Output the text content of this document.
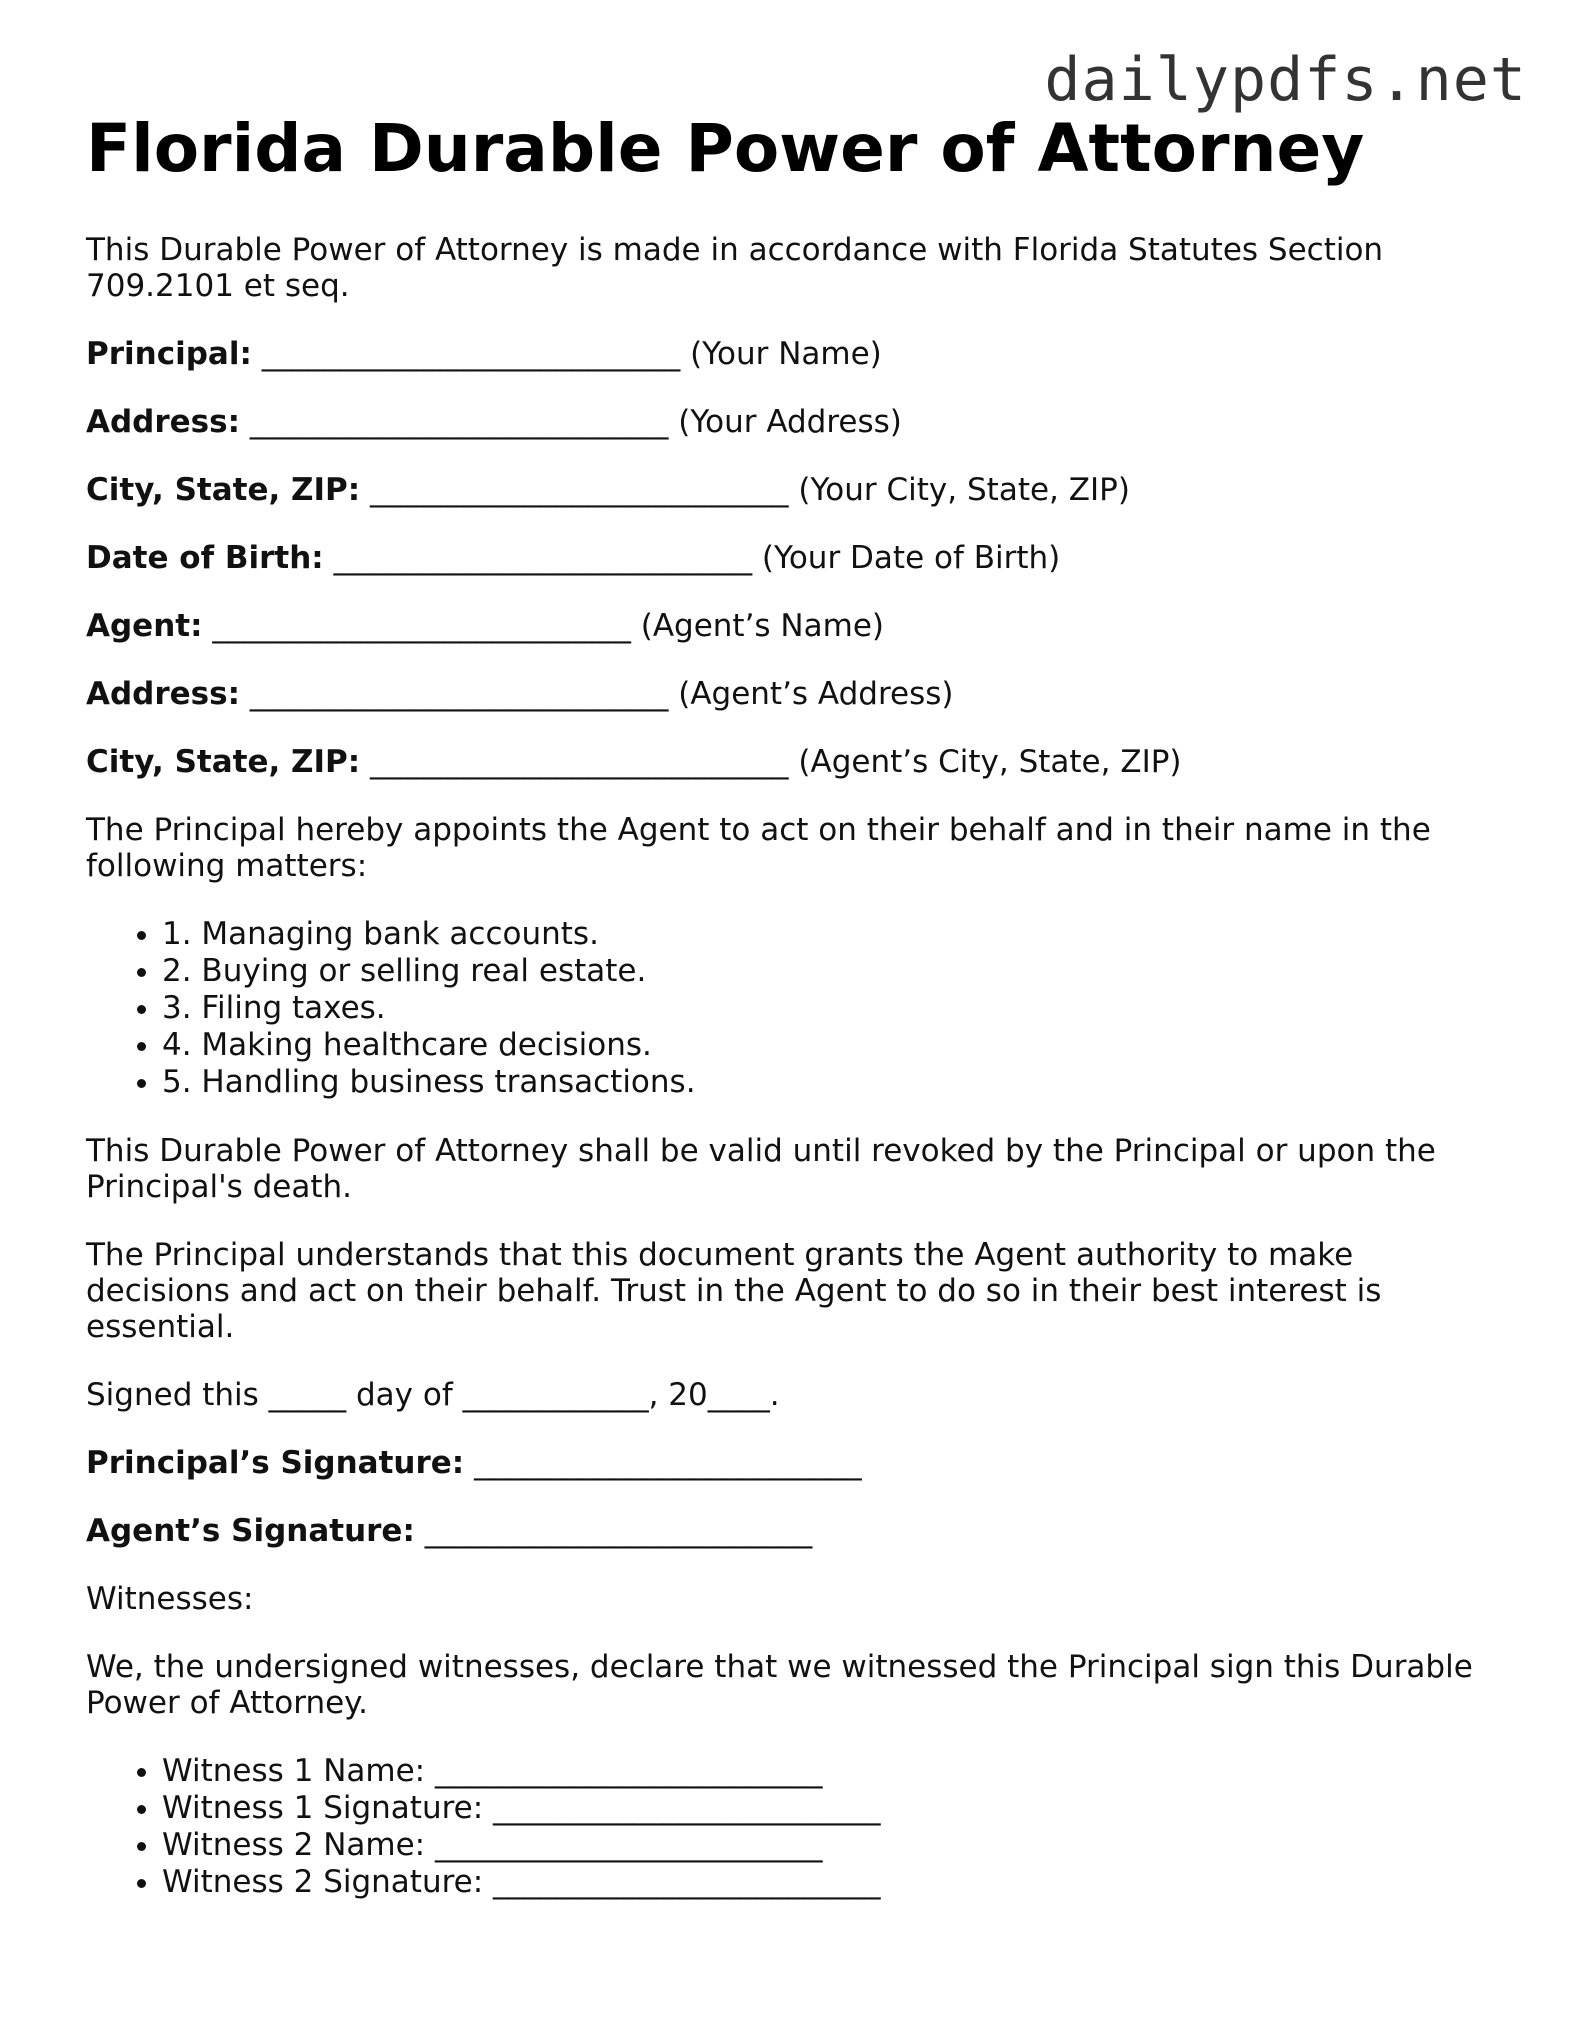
dailypdfs.net
Florida Durable Power of Attorney

This Durable Power of Attorney is made in accordance with Florida Statutes Section 709.2101 et seq.

Principal: ___________________________ (Your Name)

Address: ___________________________ (Your Address)

City, State, ZIP: ___________________________ (Your City, State, ZIP)

Date of Birth: ___________________________ (Your Date of Birth)

Agent: ___________________________ (Agent’s Name)

Address: ___________________________ (Agent’s Address)

City, State, ZIP: ___________________________ (Agent’s City, State, ZIP)

The Principal hereby appoints the Agent to act on their behalf and in their name in the following matters:

• 1. Managing bank accounts.
• 2. Buying or selling real estate.
• 3. Filing taxes.
• 4. Making healthcare decisions.
• 5. Handling business transactions.

This Durable Power of Attorney shall be valid until revoked by the Principal or upon the Principal's death.

The Principal understands that this document grants the Agent authority to make decisions and act on their behalf. Trust in the Agent to do so in their best interest is essential.

Signed this _____ day of ____________, 20____.

Principal’s Signature: _________________________

Agent’s Signature: _________________________

Witnesses:

We, the undersigned witnesses, declare that we witnessed the Principal sign this Durable Power of Attorney.

• Witness 1 Name: _________________________
• Witness 1 Signature: _________________________
• Witness 2 Name: _________________________
• Witness 2 Signature: _________________________
